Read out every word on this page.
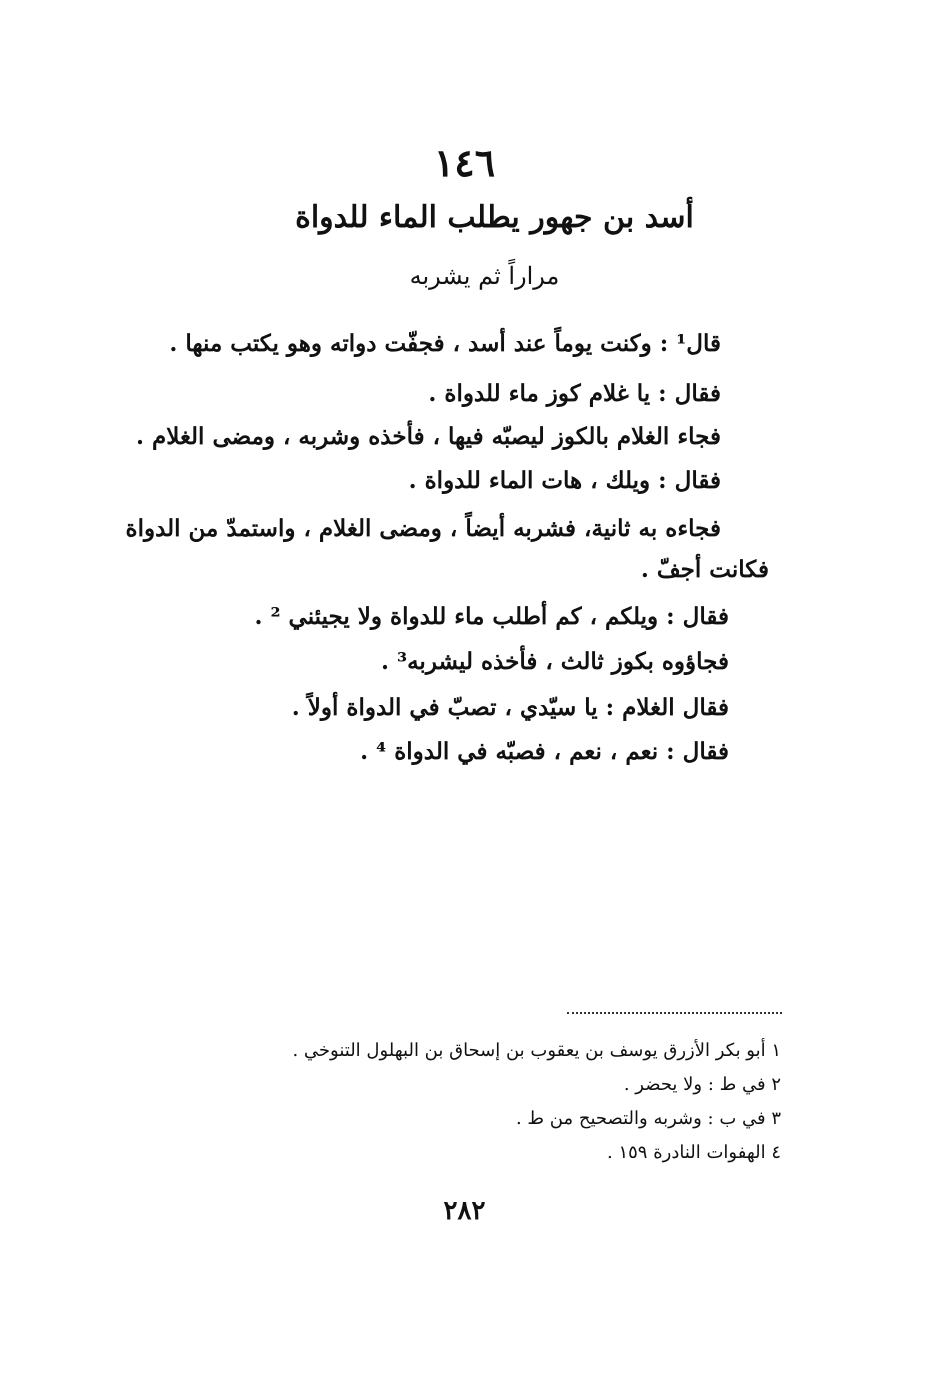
١٤٦
أسد بن جهور يطلب الماء للدواة
مراراً ثم يشربه
قال¹ : وكنت يوماً عند أسد ، فجفّت دواته وهو يكتب منها .
فقال : يا غلام كوز ماء للدواة .
فجاء الغلام بالكوز ليصبّه فيها ، فأخذه وشربه ، ومضى الغلام .
فقال : ويلك ، هات الماء للدواة .
فجاءه به ثانية، فشربه أيضاً ، ومضى الغلام ، واستمدّ من الدواة
فكانت أجفّ .
فقال : ويلكم ، كم أطلب ماء للدواة ولا يجيئني ² .
فجاؤوه بكوز ثالث ، فأخذه ليشربه³ .
فقال الغلام : يا سيّدي ، تصبّ في الدواة أولاً .
فقال : نعم ، نعم ، فصبّه في الدواة ⁴ .
١ أبو بكر الأزرق يوسف بن يعقوب بن إسحاق بن البهلول التنوخي .
٢ في ط : ولا يحضر .
٣ في ب : وشربه والتصحيح من ط .
٤ الهفوات النادرة ١٥٩ .
٢٨٢
